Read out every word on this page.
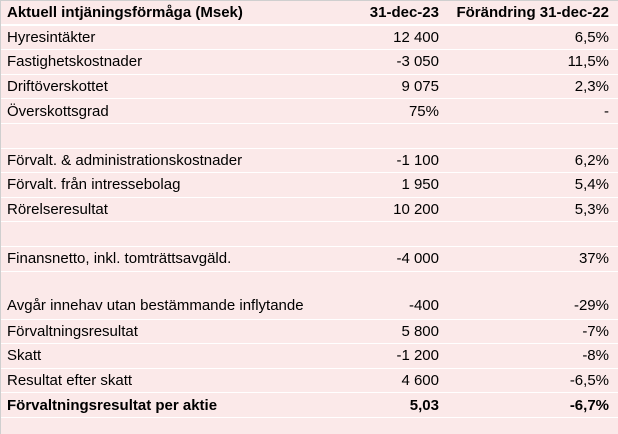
Aktuell intjäningsförmåga (Msek)	31-dec-23	Förändring 31-dec-22
Hyresintäkter	12 400	6,5%
Fastighetskostnader	-3 050	11,5%
Driftöverskottet	9 075	2,3%
Överskottsgrad	75%	-
Förvalt. & administrationskostnader	-1 100	6,2%
Förvalt. från intressebolag	1 950	5,4%
Rörelseresultat	10 200	5,3%
Finansnetto, inkl. tomträttsavgäld.	-4 000	37%
Avgår innehav utan bestämmande inflytande	-400	-29%
Förvaltningsresultat	5 800	-7%
Skatt	-1 200	-8%
Resultat efter skatt	4 600	-6,5%
Förvaltningsresultat per aktie	5,03	-6,7%
